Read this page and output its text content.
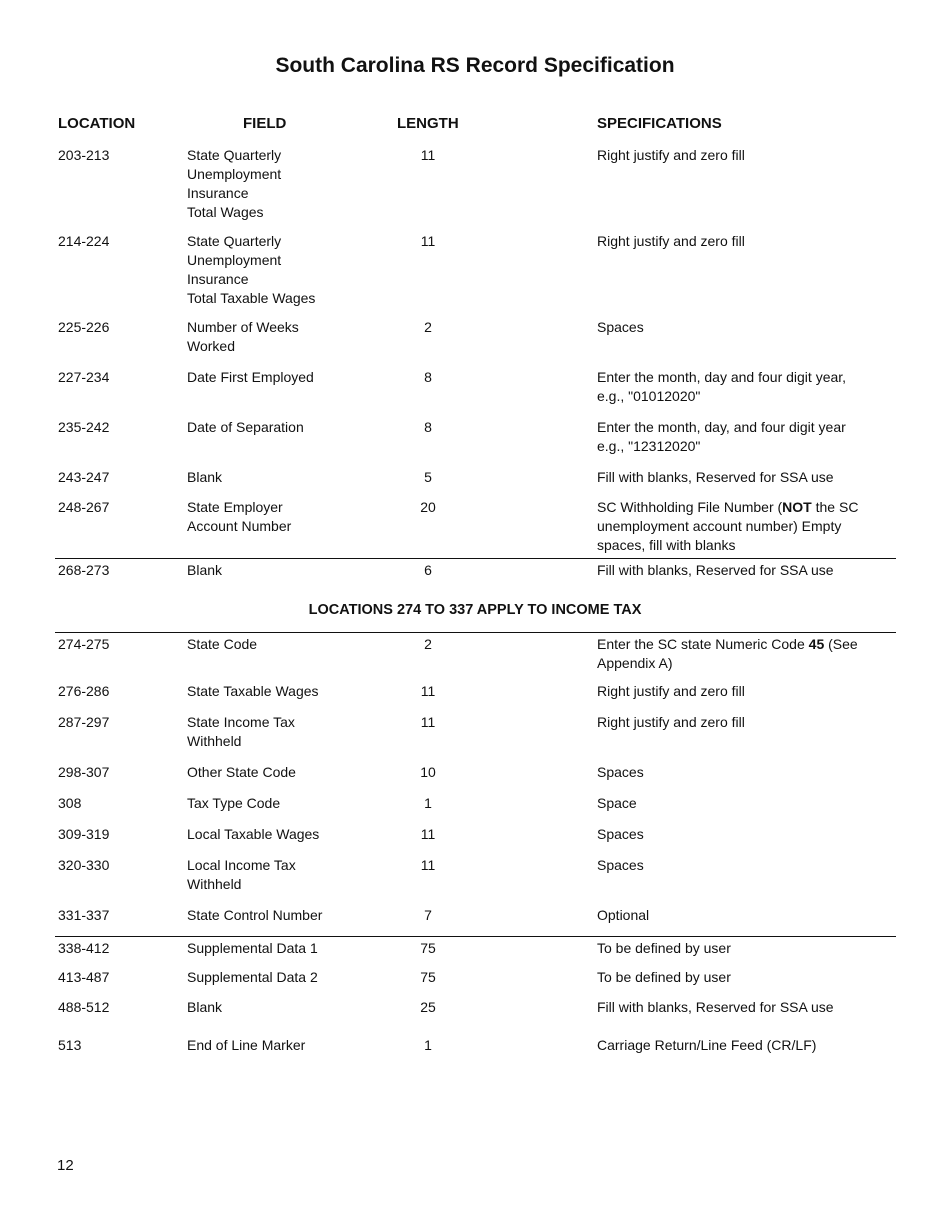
South Carolina RS Record Specification
LOCATION	FIELD	LENGTH	SPECIFICATIONS
203-213	State Quarterly
Unemployment
Insurance
Total Wages
11	Right justify and zero fill
214-224	State Quarterly
Unemployment
Insurance
Total Taxable Wages
11	Right justify and zero fill
225-226	Number of Weeks
Worked
2	Spaces
227-234	Date First Employed	8	Enter the month, day and four digit year,
e.g., "01012020"
235-242	Date of Separation	8	Enter the month, day, and four digit year
e.g., "12312020"
243-247	Blank	5	Fill with blanks, Reserved for SSA use
248-267	State Employer
Account Number
20	SC Withholding File Number (NOT the SC
unemployment account number) Empty
spaces, fill with blanks
268-273	Blank	6	Fill with blanks, Reserved for SSA use
274-275	State Code	2	Enter the SC state Numeric Code 45 (See
Appendix A)
276-286	State Taxable Wages	11	Right justify and zero fill
287-297	State Income Tax
Withheld
11	Right justify and zero fill
298-307	Other State Code	10	Spaces
308	Tax Type Code	1	Space
309-319	Local Taxable Wages	11	Spaces
320-330	Local Income Tax
Withheld
11	Spaces
331-337	State Control Number	7	Optional
338-412	Supplemental Data 1	75	To be defined by user
413-487	Supplemental Data 2	75	To be defined by user
488-512	Blank	25	Fill with blanks, Reserved for SSA use
513	End of Line Marker	1	Carriage Return/Line Feed (CR/LF)
LOCATIONS 274 TO 337 APPLY TO INCOME TAX
12
